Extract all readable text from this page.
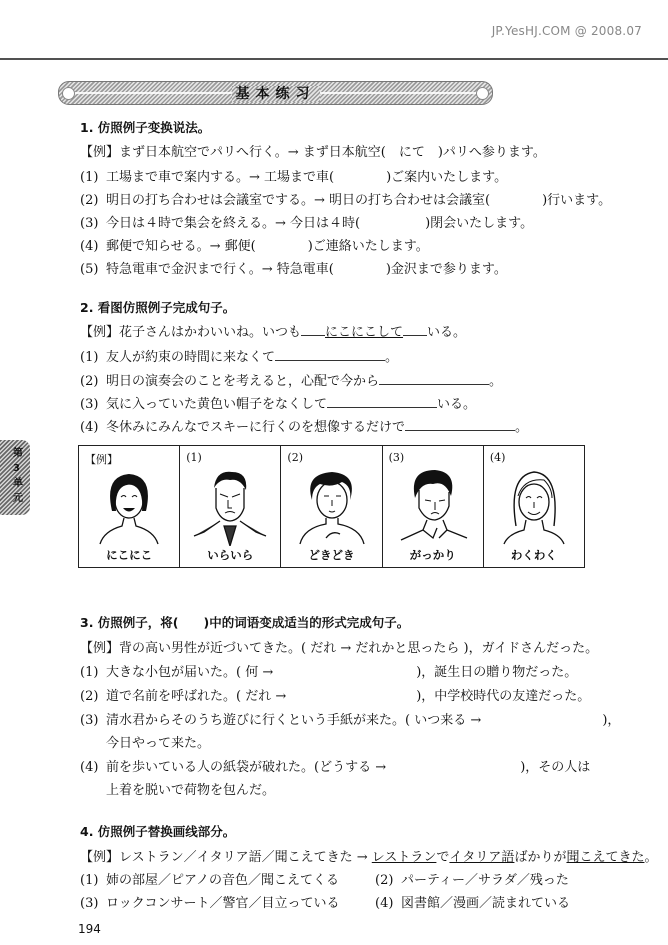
JP.YesHJ.COM @ 2008.07
基本练习
第3单元
1. 仿照例子变换说法。
【例】まず日本航空でパリへ行く。→ まず日本航空(　にて　)パリへ参ります。
(1) 工場まで車で案内する。→ 工場まで車(　　　　)ご案内いたします。
(2) 明日の打ち合わせは会議室でする。→ 明日の打ち合わせは会議室(　　　　)行います。
(3) 今日は４時で集会を終える。→ 今日は４時(　　　　　)閉会いたします。
(4) 郵便で知らせる。→ 郵便(　　　　)ご連絡いたします。
(5) 特急電車で金沢まで行く。→ 特急電車(　　　　)金沢まで参ります。
2. 看图仿照例子完成句子。
【例】花子さんはかわいいね。いつも にこにこして いる。
(1) 友人が約束の時間に来なくて	。
(2) 明日の演奏会のことを考えると，心配で今から	。
(3) 気に入っていた黄色い帽子をなくして	いる。
(4) 冬休みにみんなでスキーに行くのを想像するだけで	。
【例】
にこにこ
(1)
いらいら
(2)
どきどき
(3)
がっかり
(4)
わくわく
3. 仿照例子，将(　　)中的词语变成适当的形式完成句子。
【例】背の高い男性が近づいてきた。( だれ → だれかと思ったら )，ガイドさんだった。
(1) 大きな小包が届いた。( 何 →　　　　　　　　　　　)，誕生日の贈り物だった。
(2) 道で名前を呼ばれた。( だれ →　　　　　　　　　　)，中学校時代の友達だった。
(3) 清水君からそのうち遊びに行くという手紙が来た。( いつ来る →　　　　　　　　　 )，
今日やって来た。
(4) 前を歩いている人の紙袋が破れた。(どうする →　　　　　　　　　　 )，その人は
上着を脱いで荷物を包んだ。
4. 仿照例子替换画线部分。
【例】レストラン／イタリア語／聞こえてきた → レストランでイタリア語ばかりが聞こえてきた。
(1) 姉の部屋／ピアノの音色／聞こえてくる	(2) パーティー／サラダ／残った
(3) ロックコンサート／警官／目立っている	(4) 図書館／漫画／読まれている
194
